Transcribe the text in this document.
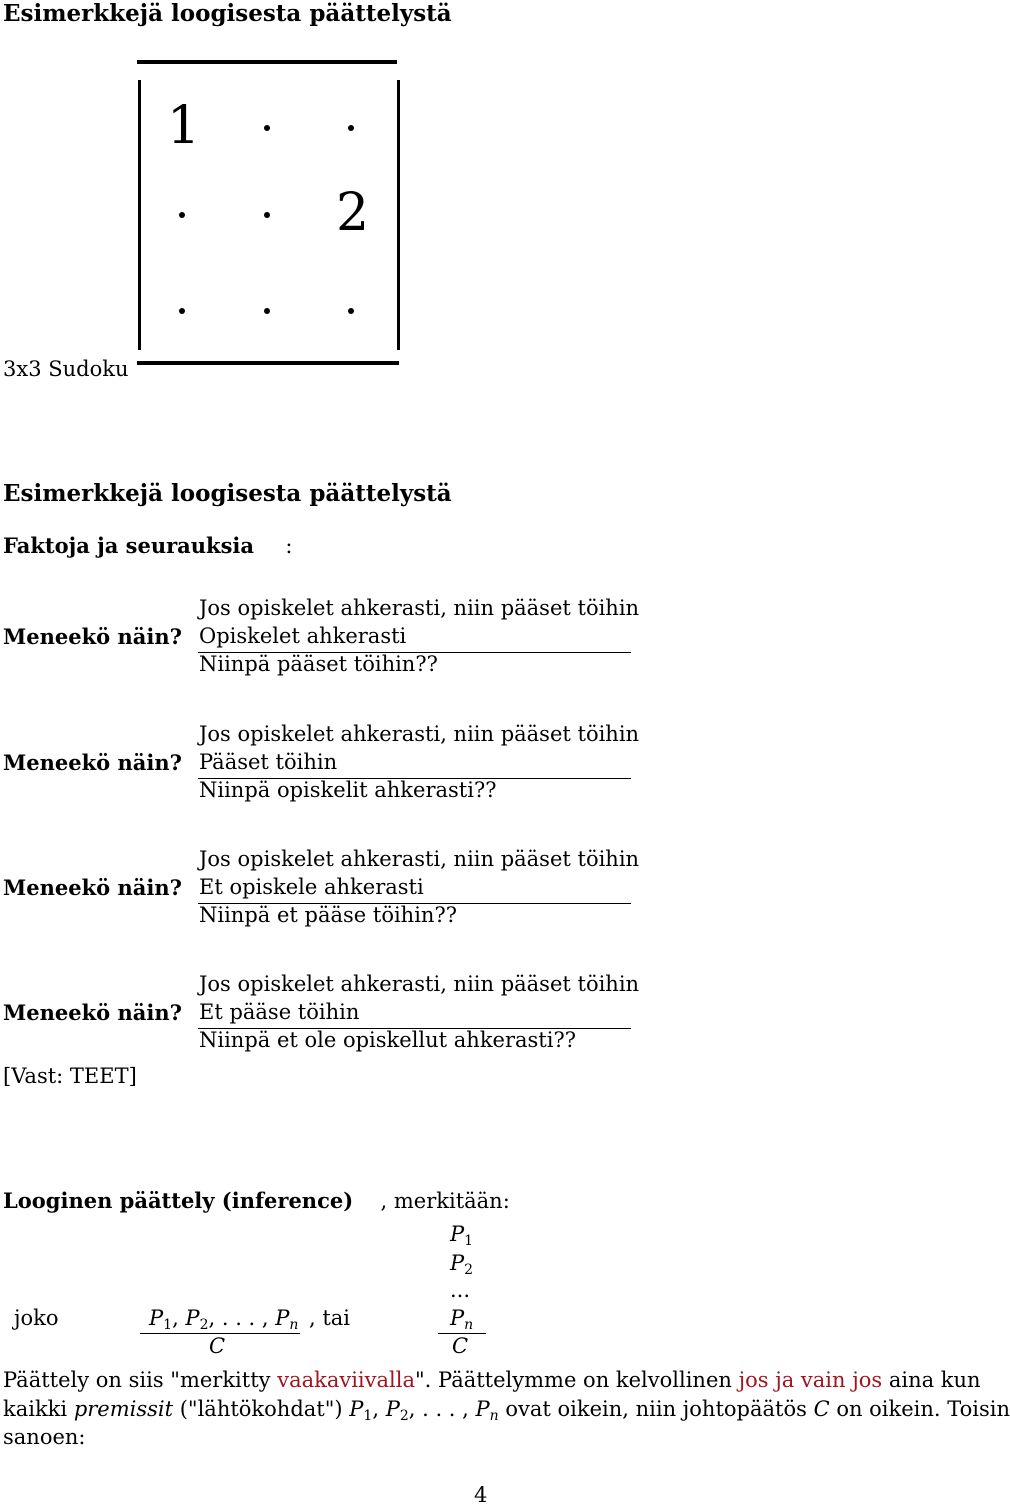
Esimerkkejä loogisesta päättelystä
1
2
3x3 Sudoku
Esimerkkejä loogisesta päättelystä
Faktoja ja seurauksia :
Meneekö näin?
Jos opiskelet ahkerasti, niin pääset töihin
Opiskelet ahkerasti
Niinpä pääset töihin??
Meneekö näin?
Jos opiskelet ahkerasti, niin pääset töihin
Pääset töihin
Niinpä opiskelit ahkerasti??
Meneekö näin?
Jos opiskelet ahkerasti, niin pääset töihin
Et opiskele ahkerasti
Niinpä et pääse töihin??
Meneekö näin?
Jos opiskelet ahkerasti, niin pääset töihin
Et pääse töihin
Niinpä et ole opiskellut ahkerasti??
[Vast: TEET]
Looginen päättely (inference) , merkitään:
joko	$P_1$, $P_2$, . . . , $P_n$
C
, tai
$P_1$
$P_2$
...
$P_n$
C
Päättely on siis "merkitty vaakaviivalla". Päättelymme on kelvollinen jos ja vain jos aina kun
kaikki premissit ("lähtökohdat") $P_1$, $P_2$, . . . , $P_n$ ovat oikein, niin johtopäätös C on oikein. Toisin
sanoen:
4
